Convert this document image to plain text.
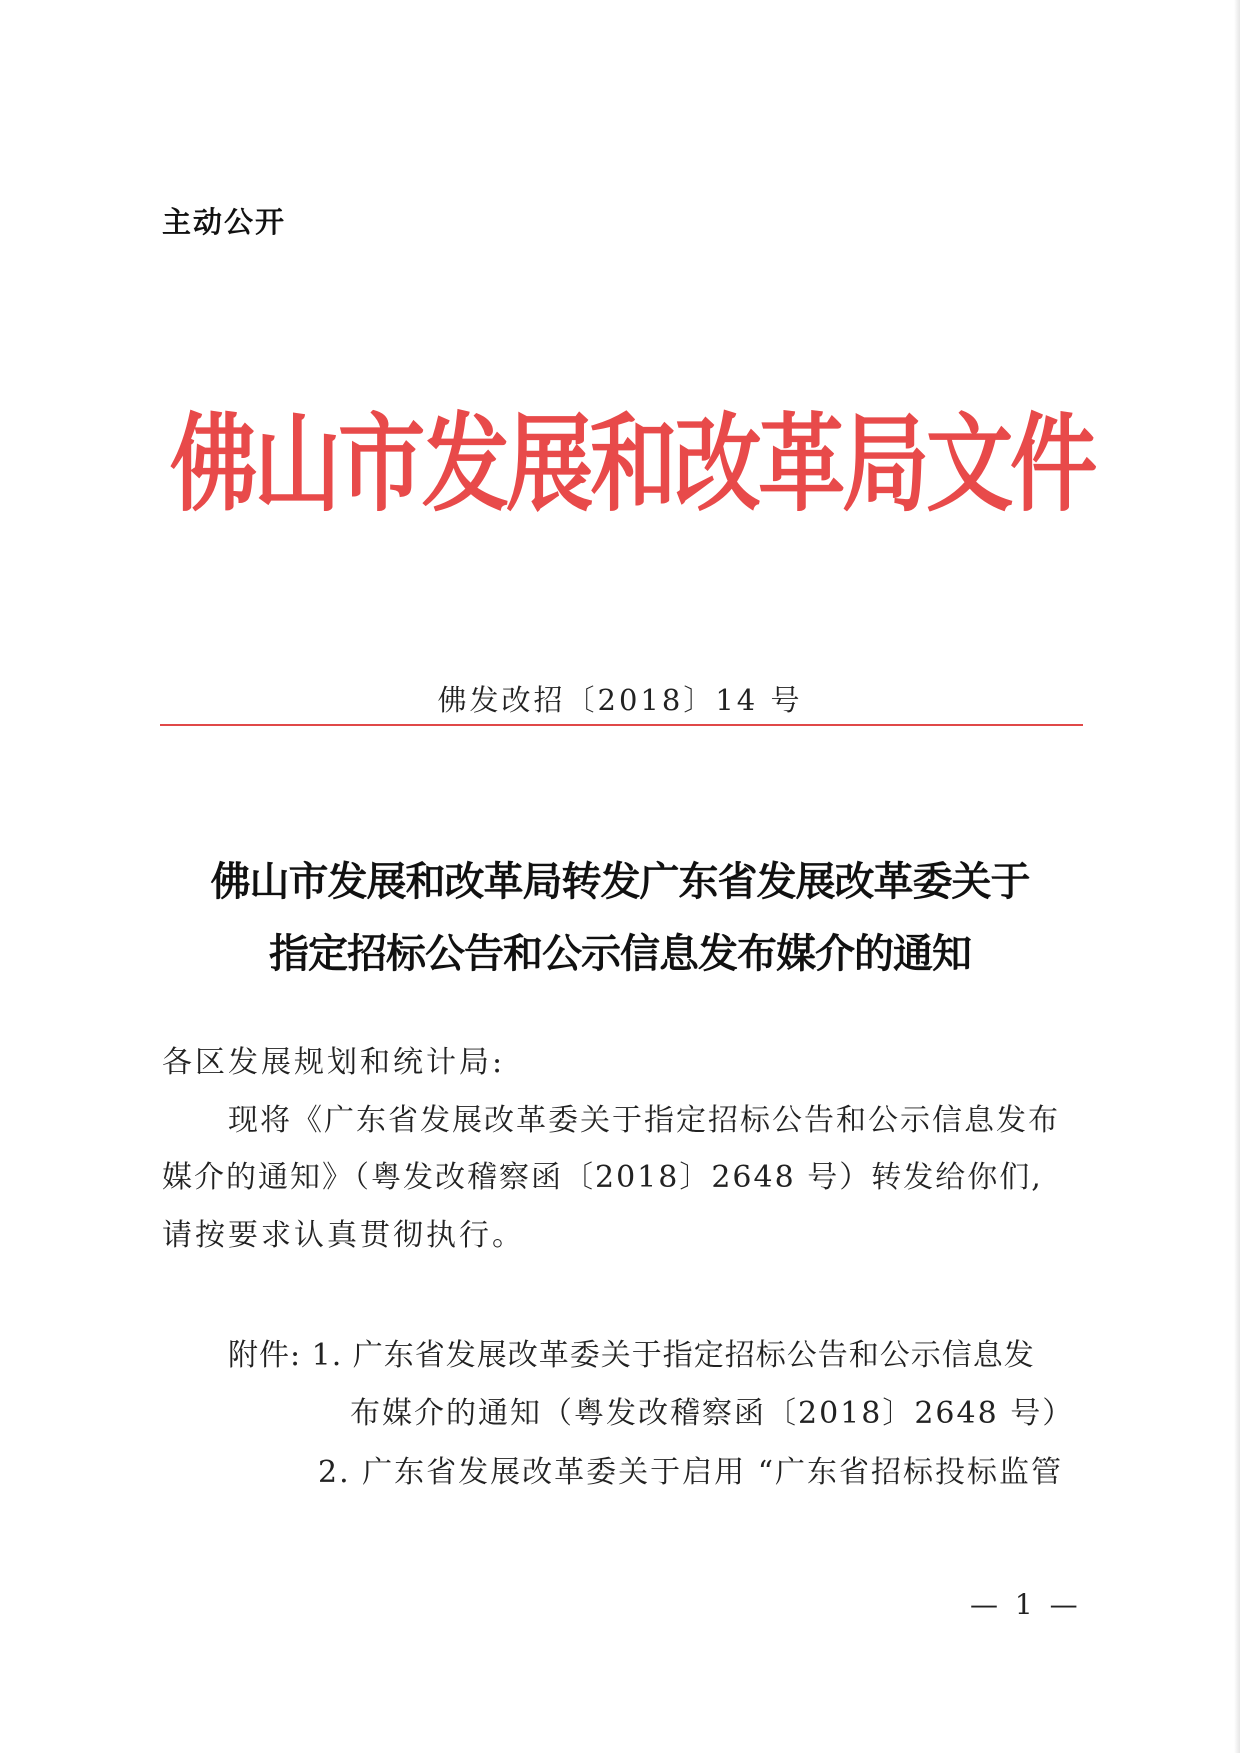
主动公开
佛山市发展和改革局文件
佛发改招〔2018〕14 号
佛山市发展和改革局转发广东省发展改革委关于
指定招标公告和公示信息发布媒介的通知
各区发展规划和统计局:
现将《广东省发展改革委关于指定招标公告和公示信息发布
媒介的通知》（粤发改稽察函〔2018〕2648 号）转发给你们,
请按要求认真贯彻执行。
附件: 1. 广东省发展改革委关于指定招标公告和公示信息发
布媒介的通知（粤发改稽察函〔2018〕2648 号）
2. 广东省发展改革委关于启用 “广东省招标投标监管
— 1 —
